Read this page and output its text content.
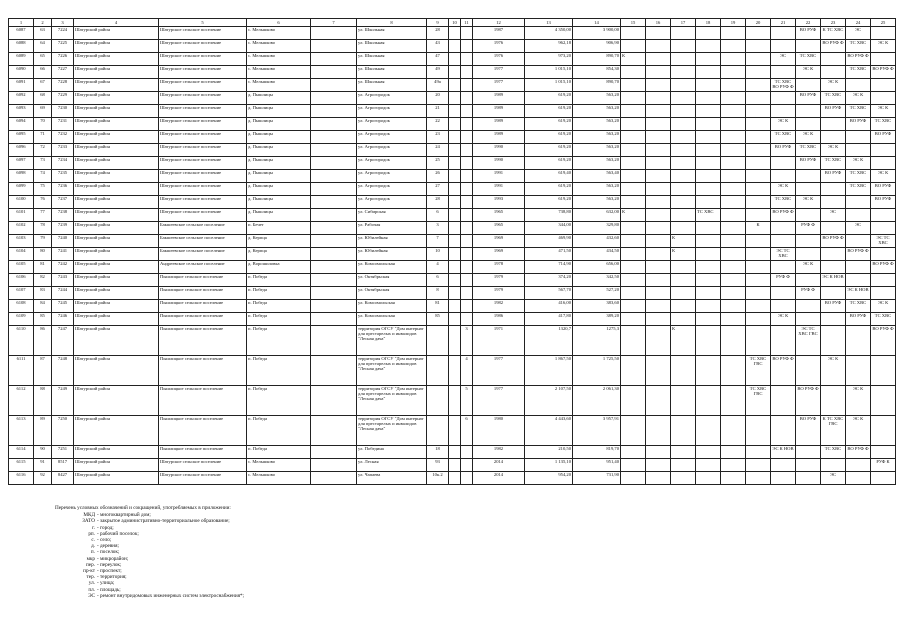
1	2	3	4	5	6	7	8	9	10	11	12	13	14	15	16	17	18	19	20	21	22	23	24	25
6087	63	7224	Шатурский район	Шатурское сельское поселение	с. Мельшково		ул. Школьная	28			1987	4 350,00	3 900,00								ВО РУФ	К ТС ХВС	ЭС	
6088	64	7225	Шатурский район	Шатурское сельское поселение	с. Мельшково		ул. Школьная	43			1976	962,18	906,90									ВО РУФ Ф	ТС ХВС	ЭС К
6089	65	7226	Шатурский район	Шатурское сельское поселение	с. Мельшково		ул. Школьная	47			1976	973,20	890,70	К						ЭС	ТС ХВС		ВО РУФ Ф	
6090	66	7227	Шатурский район	Шатурское сельское поселение	с. Мельшково		ул. Школьная	49			1977	1 015,10	854,30								ЭС К		ТС ХВС	ВО РУФ Ф
6091	67	7228	Шатурский район	Шатурское сельское поселение	с. Мельшково		ул. Школьная	49а			1977	1 015,10	890,70							ТС ХВС ВО РУФ Ф		ЭС К		
6092	68	7229	Шатурский район	Шатурское сельское поселение	д. Пышлицы		ул. Агрогородок	20			1989	619,20	563,20								ВО РУФ	ТС ХВС	ЭС К	
6093	69	7230	Шатурский район	Шатурское сельское поселение	д. Пышлицы		ул. Агрогородок	21			1989	619,20	563,20									ВО РУФ	ТС ХВС	ЭС К
6094	70	7231	Шатурский район	Шатурское сельское поселение	д. Пышлицы		ул. Агрогородок	22			1989	619,20	563,20							ЭС К			ВО РУФ	ТС ХВС
6095	71	7232	Шатурский район	Шатурское сельское поселение	д. Пышлицы		ул. Агрогородок	23			1989	619,20	563,20							ТС ХВС	ЭС К			ВО РУФ
6096	72	7233	Шатурский район	Шатурское сельское поселение	д. Пышлицы		ул. Агрогородок	24			1990	619,20	563,20							ВО РУФ	ТС ХВС	ЭС К		
6097	73	7234	Шатурский район	Шатурское сельское поселение	д. Пышлицы		ул. Агрогородок	25			1990	619,20	563,20								ВО РУФ	ТС ХВС	ЭС К	
6098	74	7235	Шатурский район	Шатурское сельское поселение	д. Пышлицы		ул. Агрогородок	26			1991	619,40	563,40									ВО РУФ	ТС ХВС	ЭС К
6099	75	7236	Шатурский район	Шатурское сельское поселение	д. Пышлицы		ул. Агрогородок	27			1991	619,20	563,20							ЭС К			ТС ХВС	ВО РУФ
6100	76	7237	Шатурский район	Шатурское сельское поселение	д. Пышлицы		ул. Агрогородок	28			1993	619,20	563,20							ТС ХВС	ЭС К			ВО РУФ
6101	77	7238	Шатурский район	Шатурское сельское поселение	д. Пышлицы		ул. Сибирская	6			1965	738,80	632,00	К			ТС ХВС			ВО РУФ Ф		ЭС		
6102	78	7239	Шатурский район	Бакшеевское сельское поселение	п. Бечет		ул. Рабочая	3			1965	344,00	329,80						К		РУФ Ф		ЭС	
6103	79	7240	Шатурский район	Бакшеевское сельское поселение	д. Керпца		ул. Юбилейная	7			1969	469,90	432,60			К						ВО РУФ Ф		ЭС ТС ХВС
6104	80	7241	Шатурский район	Бакшеевское сельское поселение	д. Керпца		ул. Юбилейная	10			1969	471,50	434,50			К				ЭС ТС ХВС			ВО РУФ Ф	
6105	81	7242	Шатурский район	Андреевское сельское поселение	д. Ворошиловка		ул. Комсомольская	4			1978	714,90	656,00								ЭС К			ВО РУФ Ф
6106	82	7243	Шатурский район	Пышлицкое сельское поселение	п. Победа		ул. Октябрьская	6			1979	374,20	342,50							РУФ Ф		ЭС К НОВ		
6107	83	7244	Шатурский район	Пышлицкое сельское поселение	п. Победа		ул. Октябрьская	8			1979	567,70	527,20								РУФ Ф		ЭС К НОВ	
6108	84	7245	Шатурский район	Пышлицкое сельское поселение	п. Победа		ул. Комсомольская	81			1982	416,00	383,60									ВО РУФ	ТС ХВС	ЭС К
6109	85	7246	Шатурский район	Пышлицкое сельское поселение	п. Победа		ул. Комсомольская	85			1986	417,80	389,20							ЭС К			ВО РУФ	ТС ХВС
6110	86	7247	Шатурский район	Пышлицкое сельское поселение	п. Победа		территория ОГСУ "Дом интернат для престарелых и инвалидов "Лесная дача"			3	1971	1320,7	1275,3			К					ЭС ТС ХВС ГВС			ВО РУФ Ф
6111	87	7248	Шатурский район	Пышлицкое сельское поселение	п. Победа		территория ОГСУ "Дом интернат для престарелых и инвалидов "Лесная дача"			4	1977	1 867,50	1 725,50						ТС ХВС ГВС	ВО РУФ Ф		ЭС К		
6112	88	7249	Шатурский район	Пышлицкое сельское поселение	п. Победа		территория ОГСУ "Дом интернат для престарелых и инвалидов "Лесная дача"			5	1977	2 107,50	2 061,30						ТС ХВС ГВС		ВО РУФ Ф		ЭС К	
6113	89	7250	Шатурский район	Пышлицкое сельское поселение	п. Победа		территория ОГСУ "Дом интернат для престарелых и инвалидов "Лесная дача"			6	1980	4 443,60	3 957,91								ВО РУФ	К ТС ХВС ГВС	ЭС К	
6114	90	7251	Шатурский район	Пышлицкое сельское поселение	п. Победа		ул. Победина	18			1982	210,50	819,70							ЭС К НОВ		ТС ХВС	ВО РУФ Ф	
6115	91	8517	Шатурский район	Шатурское сельское поселение	с. Мельшково		ул. Лесная	93			2014	1 135,10	951,40											РУФ К
6116	92	8427	Шатурский район	Шатурское сельское поселение	с. Мельшково		ул. Чапаева	10к.2			2014	954,20	731,90									ЭС		
Перечень условных обозначений и сокращений, употребляемых в приложении:
МКД - многоквартирный дом;
ЗАТО - закрытое административно-территориальное образование;
г. - город;
рп. - рабочий поселок;
с. - село;
д. - деревня;
п. - поселок;
мкр - микрорайон;
пер. - переулок;
пр-кт - проспект;
тер. - территория;
ул. - улица;
пл. - площадь;
ЭС - ремонт внутридомовых инженерных систем электроснабжения*;
